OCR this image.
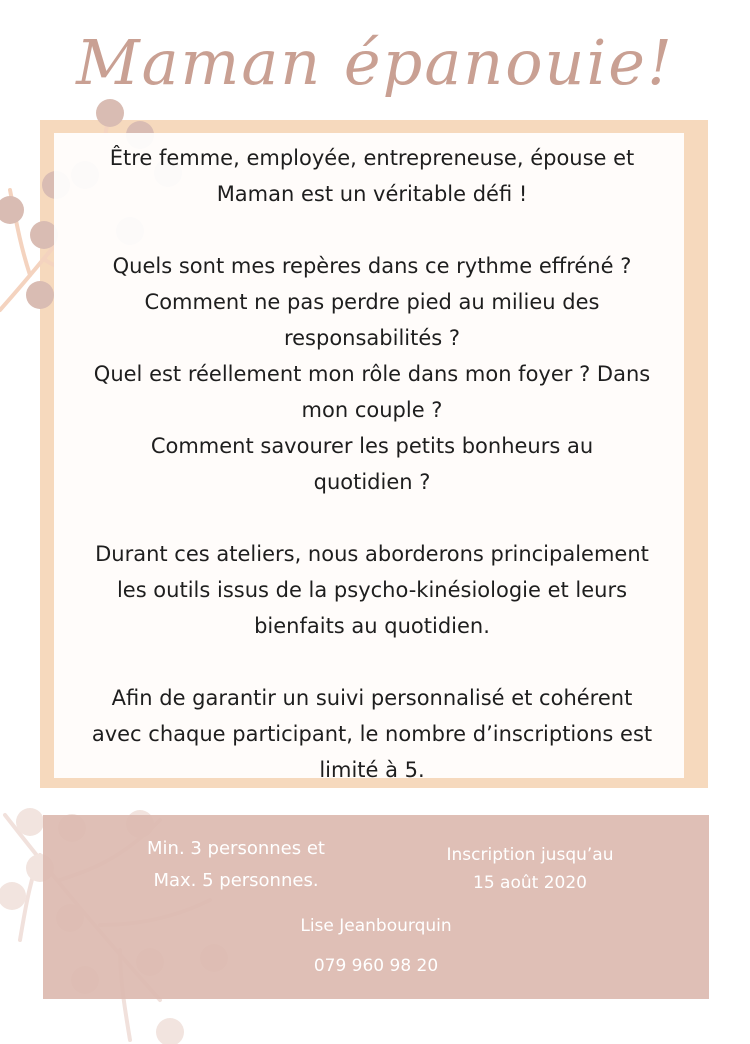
Maman épanouie!

Être femme, employée, entrepreneuse, épouse et
Maman est un véritable défi !

Quels sont mes repères dans ce rythme effréné ?
Comment ne pas perdre pied au milieu des
responsabilités ?
Quel est réellement mon rôle dans mon foyer ? Dans
mon couple ?
Comment savourer les petits bonheurs au
quotidien ?

Durant ces ateliers, nous aborderons principalement
les outils issus de la psycho-kinésiologie et leurs
bienfaits au quotidien.

Afin de garantir un suivi personnalisé et cohérent
avec chaque participant, le nombre d’inscriptions est
limité à 5.

Min. 3 personnes et
Max. 5 personnes.
Inscription jusqu’au
15 août 2020
Lise Jeanbourquin
079 960 98 20
